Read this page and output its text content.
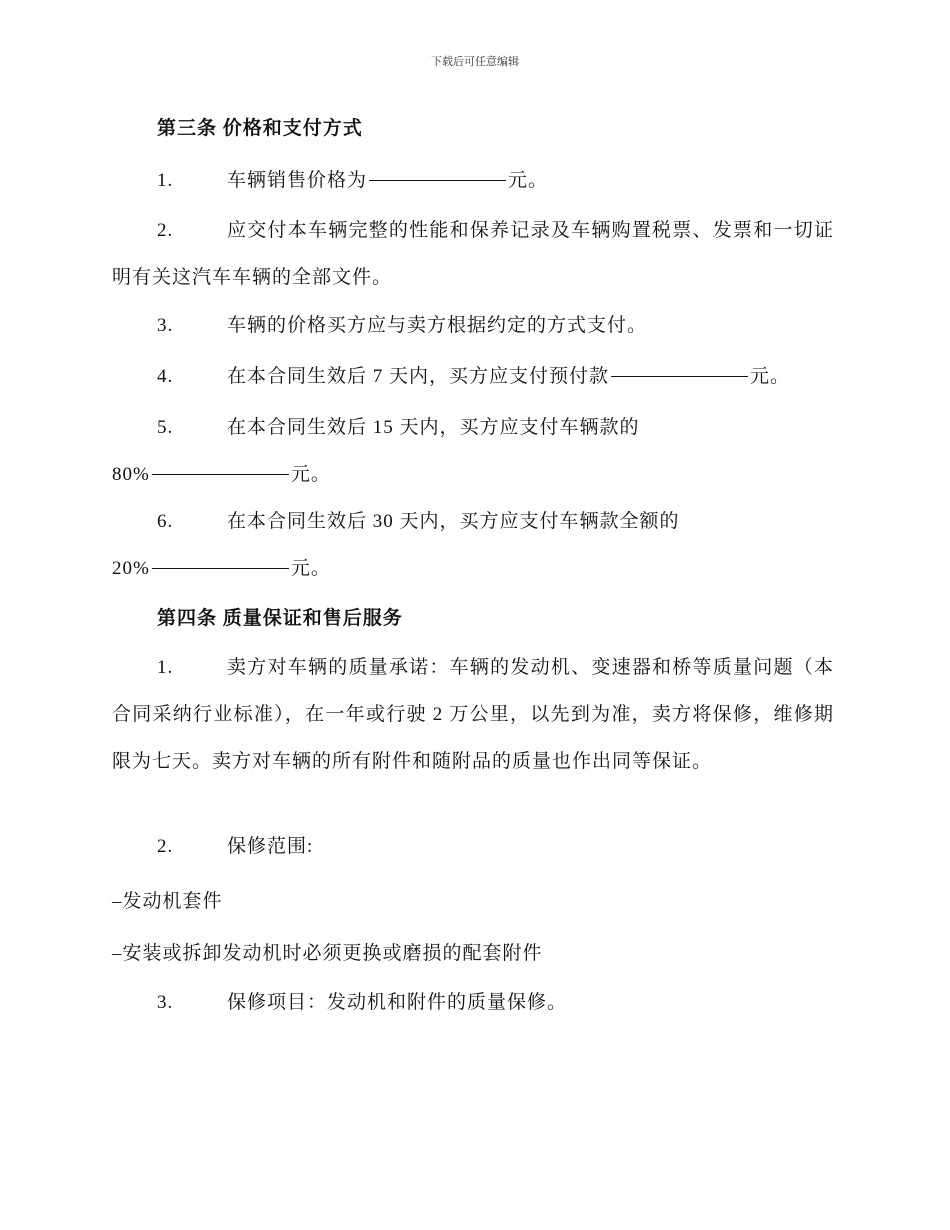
下载后可任意编辑
第三条 价格和支付方式
1.	车辆销售价格为	元。
2.	应交付本车辆完整的性能和保养记录及车辆购置税票、发票和一切证明有关这汽车车辆的全部文件。
3.	车辆的价格买方应与卖方根据约定的方式支付。
4.	在本合同生效后 7 天内，买方应支付预付款	元。
5.	在本合同生效后 15 天内，买方应支付车辆款的
80%	元。
6.	在本合同生效后 30 天内，买方应支付车辆款全额的
20%	元。
第四条 质量保证和售后服务
1.	卖方对车辆的质量承诺：车辆的发动机、变速器和桥等质量问题（本合同采纳行业标准），在一年或行驶 2 万公里，以先到为准，卖方将保修，维修期限为七天。卖方对车辆的所有附件和随附品的质量也作出同等保证。
2.	保修范围:
–发动机套件
–安装或拆卸发动机时必须更换或磨损的配套附件
3.	保修项目：发动机和附件的质量保修。
